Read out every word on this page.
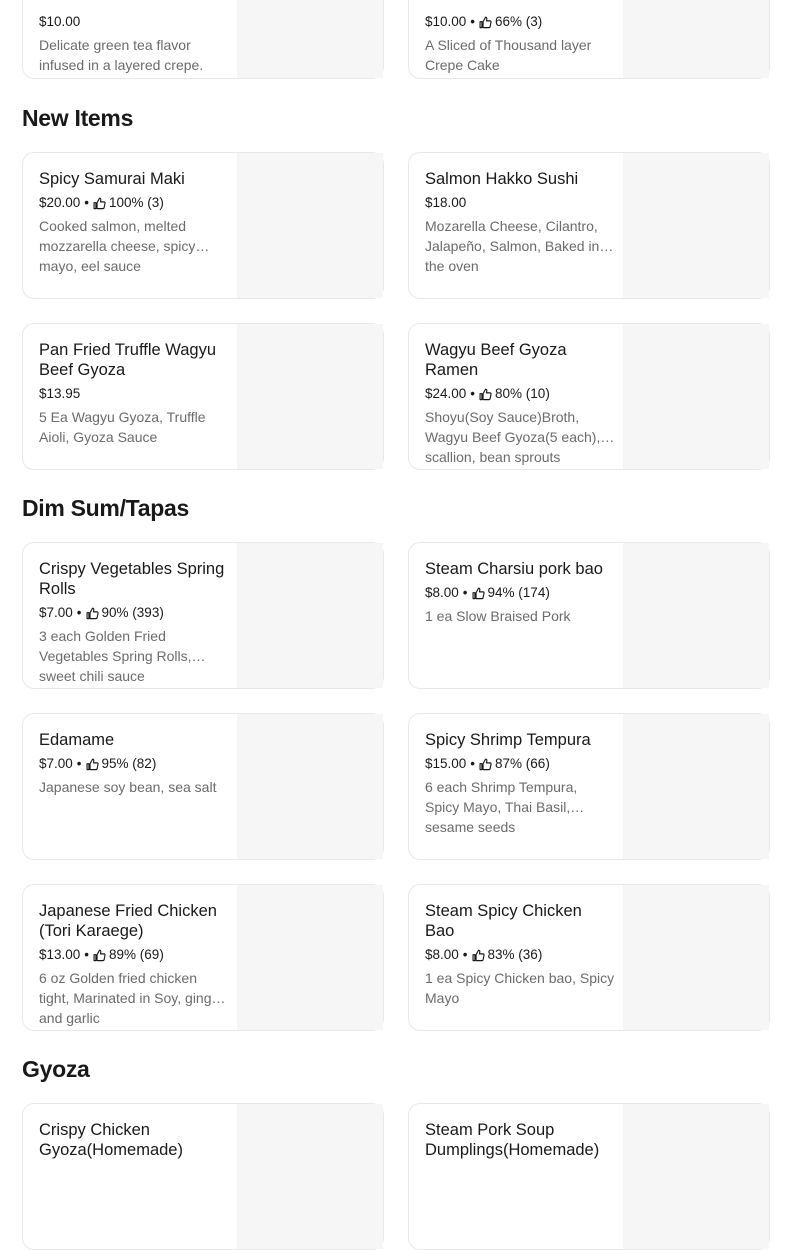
$10.00
Delicate green tea flavor infused in a layered crepe.
$10.00 • 66% (3)
A Sliced of Thousand layer Crepe Cake
New Items
Dim Sum/Tapas
Gyoza
Spicy Samurai Maki
$20.00 • 100% (3)
Cooked salmon, melted mozzarella cheese, spicy mayo, eel sauce
Salmon Hakko Sushi
$18.00
Mozarella Cheese, Cilantro, Jalapeño, Salmon, Baked in the oven
Pan Fried Truffle Wagyu Beef Gyoza
$13.95
5 Ea Wagyu Gyoza, Truffle Aioli, Gyoza Sauce
Wagyu Beef Gyoza Ramen
$24.00 • 80% (10)
Shoyu(Soy Sauce)Broth, Wagyu Beef Gyoza(5 each), scallion, bean sprouts
Crispy Vegetables Spring Rolls
$7.00 • 90% (393)
3 each Golden Fried Vegetables Spring Rolls, sweet chili sauce
Steam Charsiu pork bao
$8.00 • 94% (174)
1 ea Slow Braised Pork
Edamame
$7.00 • 95% (82)
Japanese soy bean, sea salt
Spicy Shrimp Tempura
$15.00 • 87% (66)
6 each Shrimp Tempura, Spicy Mayo, Thai Basil, sesame seeds
Japanese Fried Chicken (Tori Karaege)
$13.00 • 89% (69)
6 oz Golden fried chicken tight, Marinated in Soy, ginger and garlic
Steam Spicy Chicken Bao
$8.00 • 83% (36)
1 ea Spicy Chicken bao, Spicy Mayo
Crispy Chicken Gyoza(Homemade)
Steam Pork Soup Dumplings(Homemade)
